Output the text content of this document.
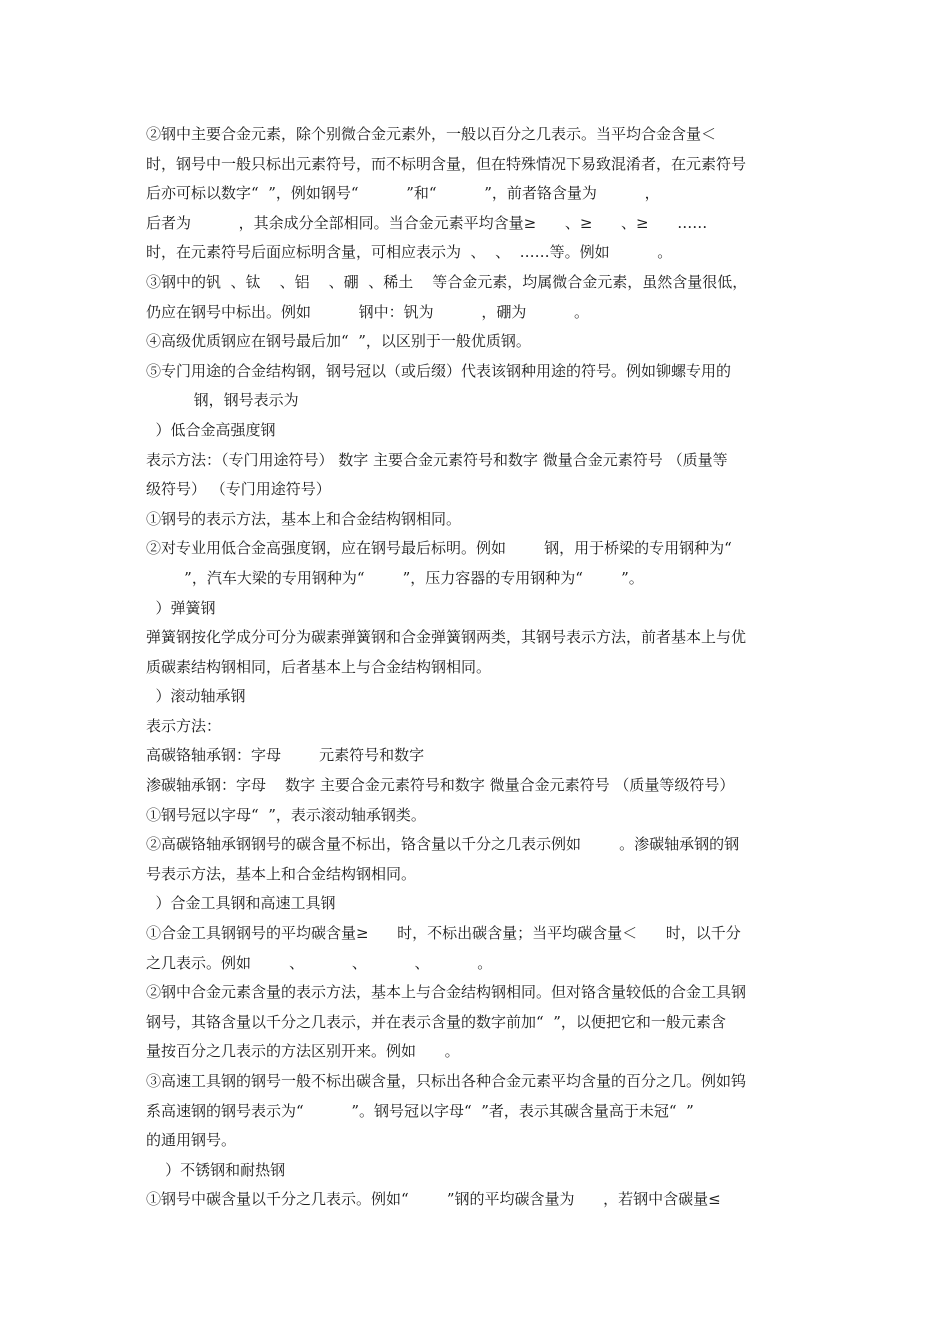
②钢中主要合金元素，除个别微合金元素外，一般以百分之几表示。当平均合金含量＜
时，钢号中一般只标出元素符号，而不标明含量，但在特殊情况下易致混淆者，在元素符号
后亦可标以数字“  ”，例如钢号“          ”和“          ”，前者铬含量为          ，
后者为          ，其余成分全部相同。当合金元素平均含量≥      、≥      、≥      ……
时，在元素符号后面应标明含量，可相应表示为  、  、  ……等。例如          。
③钢中的钒  、钛    、铝    、硼  、稀土    等合金元素，均属微合金元素，虽然含量很低，
仍应在钢号中标出。例如          钢中：钒为          ，硼为          。
④高级优质钢应在钢号最后加“  ”，以区别于一般优质钢。
⑤专门用途的合金结构钢，钢号冠以（或后缀）代表该钢种用途的符号。例如铆螺专用的
钢，钢号表示为
）低合金高强度钢
表示方法：（专门用途符号） 数字 主要合金元素符号和数字 微量合金元素符号 （质量等
级符号） （专门用途符号）
①钢号的表示方法，基本上和合金结构钢相同。
②对专业用低合金高强度钢，应在钢号最后标明。例如        钢，用于桥梁的专用钢种为“
”，汽车大梁的专用钢种为“        ”，压力容器的专用钢种为“        ”。
）弹簧钢
弹簧钢按化学成分可分为碳素弹簧钢和合金弹簧钢两类，其钢号表示方法，前者基本上与优
质碳素结构钢相同，后者基本上与合金结构钢相同。
）滚动轴承钢
表示方法：
高碳铬轴承钢：字母        元素符号和数字
渗碳轴承钢：字母    数字 主要合金元素符号和数字 微量合金元素符号 （质量等级符号）
①钢号冠以字母“  ”，表示滚动轴承钢类。
②高碳铬轴承钢钢号的碳含量不标出，铬含量以千分之几表示例如        。渗碳轴承钢的钢
号表示方法，基本上和合金结构钢相同。
）合金工具钢和高速工具钢
①合金工具钢钢号的平均碳含量≥      时，不标出碳含量；当平均碳含量＜      时，以千分
之几表示。例如        、          、          、          。
②钢中合金元素含量的表示方法，基本上与合金结构钢相同。但对铬含量较低的合金工具钢
钢号，其铬含量以千分之几表示，并在表示含量的数字前加“  ”，以便把它和一般元素含
量按百分之几表示的方法区别开来。例如      。
③高速工具钢的钢号一般不标出碳含量，只标出各种合金元素平均含量的百分之几。例如钨
系高速钢的钢号表示为“          ”。钢号冠以字母“  ”者，表示其碳含量高于未冠“  ”
的通用钢号。
）不锈钢和耐热钢
①钢号中碳含量以千分之几表示。例如“        ”钢的平均碳含量为      ，若钢中含碳量≤
